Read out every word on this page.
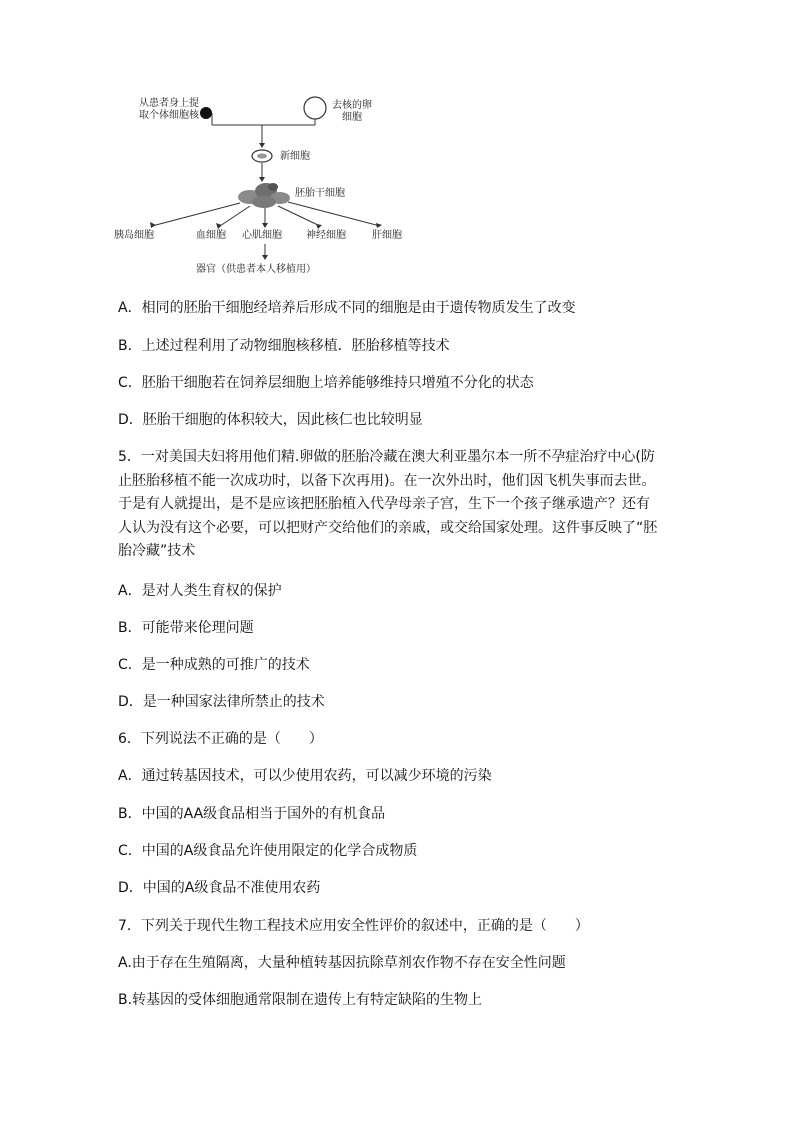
从患者身上提取个体细胞核
去核的卵细胞
新细胞
胚胎干细胞
胰岛细胞	血细胞 心肌细胞 神经细胞	肝细胞
器官（供患者本人移植用）
A．相同的胚胎干细胞经培养后形成不同的细胞是由于遗传物质发生了改变
B．上述过程利用了动物细胞核移植．胚胎移植等技术
C．胚胎干细胞若在饲养层细胞上培养能够维持只增殖不分化的状态
D．胚胎干细胞的体积较大，因此核仁也比较明显
5．一对美国夫妇将用他们精.卵做的胚胎冷藏在澳大利亚墨尔本一所不孕症治疗中心(防
止胚胎移植不能一次成功时，以备下次再用)。在一次外出时，他们因飞机失事而去世。
于是有人就提出，是不是应该把胚胎植入代孕母亲子宫，生下一个孩子继承遗产？还有
人认为没有这个必要，可以把财产交给他们的亲戚，或交给国家处理。这件事反映了“胚
胎冷藏”技术
A．是对人类生育权的保护
B．可能带来伦理问题
C．是一种成熟的可推广的技术
D．是一种国家法律所禁止的技术
6．下列说法不正确的是（　　）
A．通过转基因技术，可以少使用农药，可以减少环境的污染
B．中国的AA级食品相当于国外的有机食品
C．中国的A级食品允许使用限定的化学合成物质
D．中国的A级食品不准使用农药
7．下列关于现代生物工程技术应用安全性评价的叙述中，正确的是（　　）
A.由于存在生殖隔离，大量种植转基因抗除草剂农作物不存在安全性问题
B.转基因的受体细胞通常限制在遗传上有特定缺陷的生物上
